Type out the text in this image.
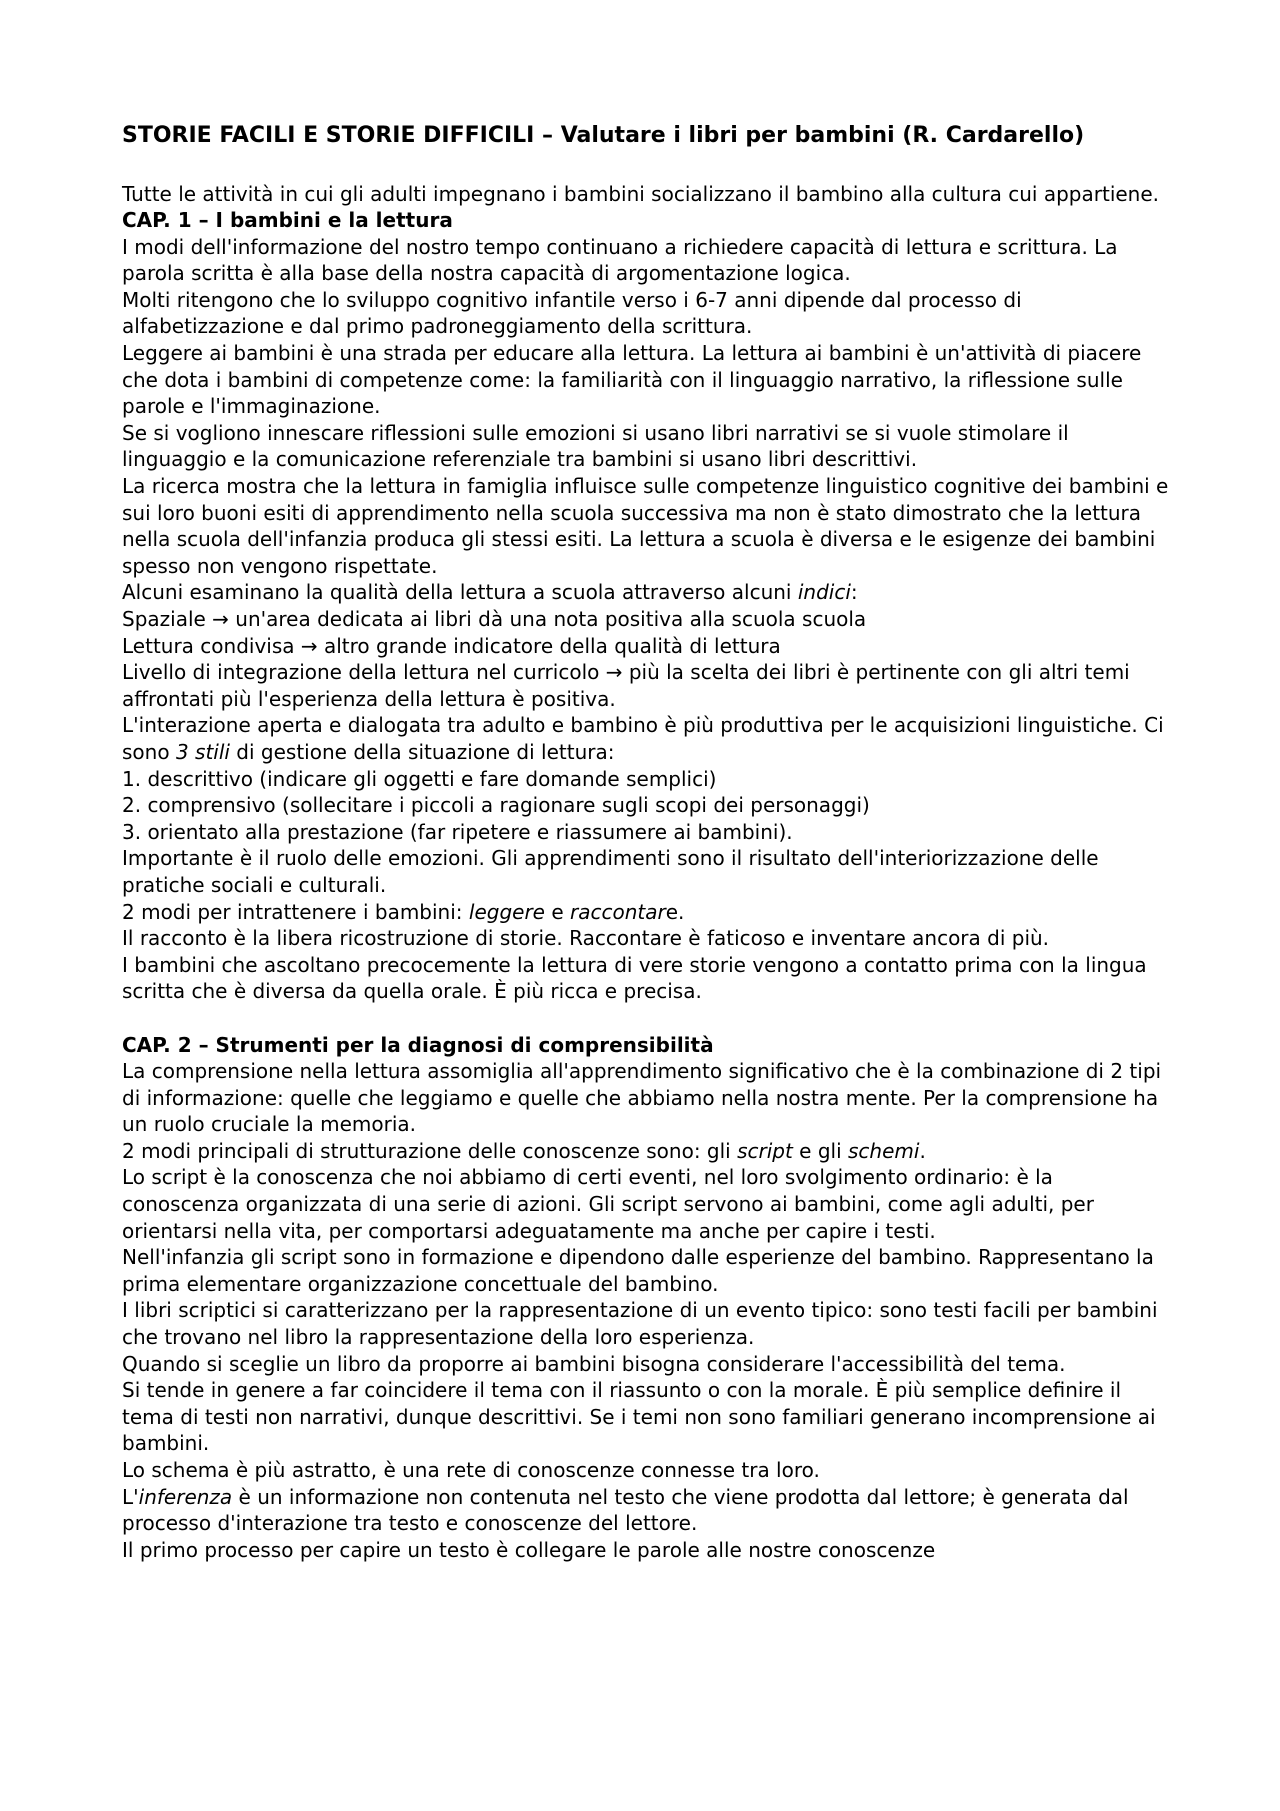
STORIE FACILI E STORIE DIFFICILI – Valutare i libri per bambini (R. Cardarello)

Tutte le attività in cui gli adulti impegnano i bambini socializzano il bambino alla cultura cui appartiene.

CAP. 1 – I bambini e la lettura

I modi dell'informazione del nostro tempo continuano a richiedere capacità di lettura e scrittura. La parola scritta è alla base della nostra capacità di argomentazione logica.

Molti ritengono che lo sviluppo cognitivo infantile verso i 6-7 anni dipende dal processo di alfabetizzazione e dal primo padroneggiamento della scrittura.

Leggere ai bambini è una strada per educare alla lettura. La lettura ai bambini è un'attività di piacere che dota i bambini di competenze come: la familiarità con il linguaggio narrativo, la riflessione sulle parole e l'immaginazione.

Se si vogliono innescare riflessioni sulle emozioni si usano libri narrativi se si vuole stimolare il linguaggio e la comunicazione referenziale tra bambini si usano libri descrittivi.

La ricerca mostra che la lettura in famiglia influisce sulle competenze linguistico cognitive dei bambini e sui loro buoni esiti di apprendimento nella scuola successiva ma non è stato dimostrato che la lettura nella scuola dell'infanzia produca gli stessi esiti. La lettura a scuola è diversa e le esigenze dei bambini spesso non vengono rispettate.

Alcuni esaminano la qualità della lettura a scuola attraverso alcuni indici:

Spaziale → un'area dedicata ai libri dà una nota positiva alla scuola scuola

Lettura condivisa → altro grande indicatore della qualità di lettura

Livello di integrazione della lettura nel curricolo → più la scelta dei libri è pertinente con gli altri temi affrontati più l'esperienza della lettura è positiva.

L'interazione aperta e dialogata tra adulto e bambino è più produttiva per le acquisizioni linguistiche. Ci sono 3 stili di gestione della situazione di lettura:

1. descrittivo (indicare gli oggetti e fare domande semplici)

2. comprensivo (sollecitare i piccoli a ragionare sugli scopi dei personaggi)

3. orientato alla prestazione (far ripetere e riassumere ai bambini).

Importante è il ruolo delle emozioni. Gli apprendimenti sono il risultato dell'interiorizzazione delle pratiche sociali e culturali.

2 modi per intrattenere i bambini: leggere e raccontare.

Il racconto è la libera ricostruzione di storie. Raccontare è faticoso e inventare ancora di più.

I bambini che ascoltano precocemente la lettura di vere storie vengono a contatto prima con la lingua scritta che è diversa da quella orale. È più ricca e precisa.

CAP. 2 – Strumenti per la diagnosi di comprensibilità

La comprensione nella lettura assomiglia all'apprendimento significativo che è la combinazione di 2 tipi di informazione: quelle che leggiamo e quelle che abbiamo nella nostra mente. Per la comprensione ha un ruolo cruciale la memoria.

2 modi principali di strutturazione delle conoscenze sono: gli script e gli schemi.

Lo script è la conoscenza che noi abbiamo di certi eventi, nel loro svolgimento ordinario: è la conoscenza organizzata di una serie di azioni. Gli script servono ai bambini, come agli adulti, per orientarsi nella vita, per comportarsi adeguatamente ma anche per capire i testi.

Nell'infanzia gli script sono in formazione e dipendono dalle esperienze del bambino. Rappresentano la prima elementare organizzazione concettuale del bambino.

I libri scriptici si caratterizzano per la rappresentazione di un evento tipico: sono testi facili per bambini che trovano nel libro la rappresentazione della loro esperienza.

Quando si sceglie un libro da proporre ai bambini bisogna considerare l'accessibilità del tema.

Si tende in genere a far coincidere il tema con il riassunto o con la morale. È più semplice definire il tema di testi non narrativi, dunque descrittivi. Se i temi non sono familiari generano incomprensione ai bambini.

Lo schema è più astratto, è una rete di conoscenze connesse tra loro.

L'inferenza è un informazione non contenuta nel testo che viene prodotta dal lettore; è generata dal processo d'interazione tra testo e conoscenze del lettore.

Il primo processo per capire un testo è collegare le parole alle nostre conoscenze
